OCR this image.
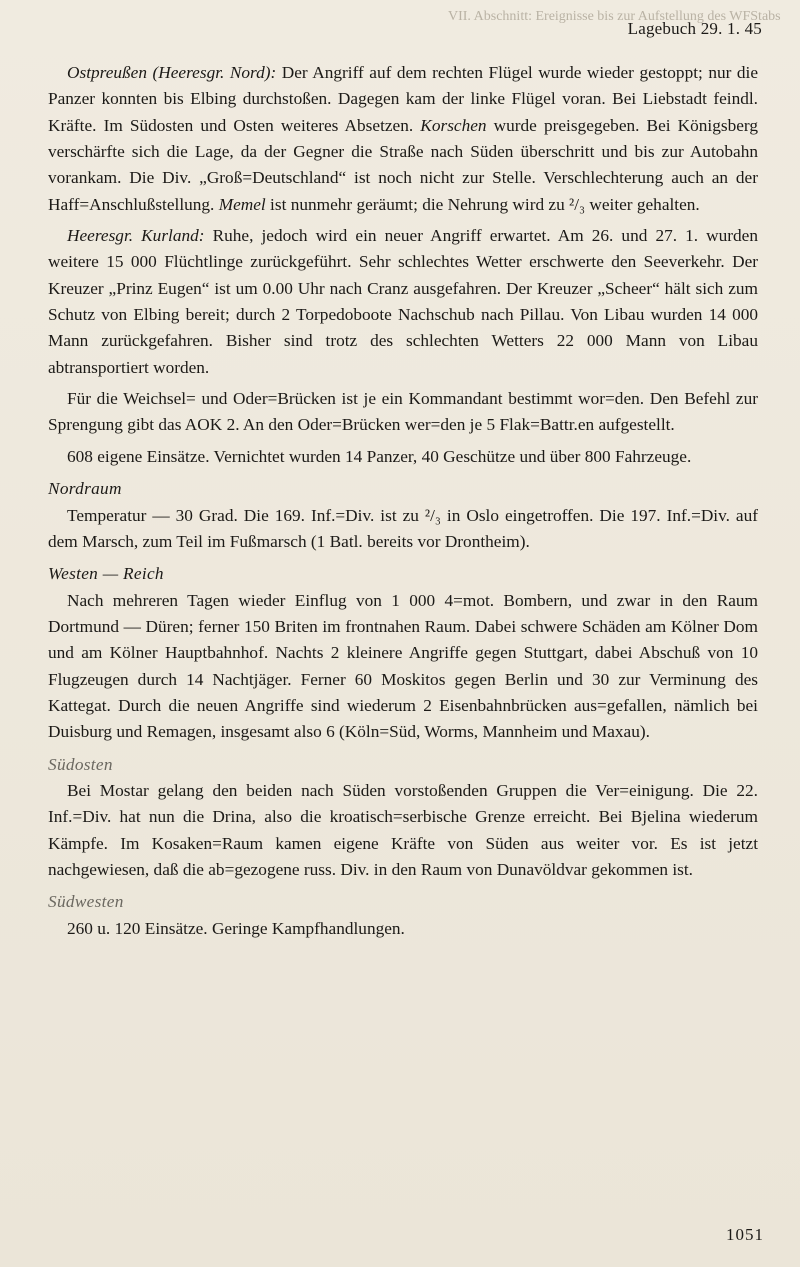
VII. Abschnitt: Ereignisse bis zur Aufstellung des WFStabs
Lagebuch 29. 1. 45

Ostpreußen (Heeresgr. Nord): Der Angriff auf dem rechten Flügel wurde wieder gestoppt; nur die Panzer konnten bis Elbing durchstoßen. Dagegen kam der linke Flügel voran. Bei Liebstadt feindl. Kräfte. Im Südosten und Osten weiteres Absetzen. Korschen wurde preisgegeben. Bei Königsberg verschärfte sich die Lage, da der Gegner die Straße nach Süden überschritt und bis zur Autobahn vorankam. Die Div. „Groß=Deutschland“ ist noch nicht zur Stelle. Verschlechterung auch an der Haff=Anschlußstellung. Memel ist nunmehr geräumt; die Nehrung wird zu ²/₃ weiter gehalten.

Heeresgr. Kurland: Ruhe, jedoch wird ein neuer Angriff erwartet. Am 26. und 27. 1. wurden weitere 15 000 Flüchtlinge zurückgeführt. Sehr schlechtes Wetter erschwerte den Seeverkehr. Der Kreuzer „Prinz Eugen“ ist um 0.00 Uhr nach Cranz ausgefahren. Der Kreuzer „Scheer“ hält sich zum Schutz von Elbing bereit; durch 2 Torpedoboote Nachschub nach Pillau. Von Libau wurden 14 000 Mann zurückgefahren. Bisher sind trotz des schlechten Wetters 22 000 Mann von Libau abtransportiert worden.

Für die Weichsel= und Oder=Brücken ist je ein Kommandant bestimmt wor=den. Den Befehl zur Sprengung gibt das AOK 2. An den Oder=Brücken wer=den je 5 Flak=Battr.en aufgestellt.

608 eigene Einsätze. Vernichtet wurden 14 Panzer, 40 Geschütze und über 800 Fahrzeuge.

Nordraum

Temperatur — 30 Grad. Die 169. Inf.=Div. ist zu ²/₃ in Oslo eingetroffen. Die 197. Inf.=Div. auf dem Marsch, zum Teil im Fußmarsch (1 Batl. bereits vor Drontheim).

Westen — Reich

Nach mehreren Tagen wieder Einflug von 1 000 4=mot. Bombern, und zwar in den Raum Dortmund — Düren; ferner 150 Briten im frontnahen Raum. Dabei schwere Schäden am Kölner Dom und am Kölner Hauptbahnhof. Nachts 2 kleinere Angriffe gegen Stuttgart, dabei Abschuß von 10 Flugzeugen durch 14 Nachtjäger. Ferner 60 Moskitos gegen Berlin und 30 zur Verminung des Kattegat. Durch die neuen Angriffe sind wiederum 2 Eisenbahnbrücken aus=gefallen, nämlich bei Duisburg und Remagen, insgesamt also 6 (Köln=Süd, Worms, Mannheim und Maxau).

Südosten

Bei Mostar gelang den beiden nach Süden vorstoßenden Gruppen die Ver=einigung. Die 22. Inf.=Div. hat nun die Drina, also die kroatisch=serbische Grenze erreicht. Bei Bjelina wiederum Kämpfe. Im Kosaken=Raum kamen eigene Kräfte von Süden aus weiter vor. Es ist jetzt nachgewiesen, daß die ab=gezogene russ. Div. in den Raum von Dunavöldvar gekommen ist.

Südwesten

260 u. 120 Einsätze. Geringe Kampfhandlungen.

1051
